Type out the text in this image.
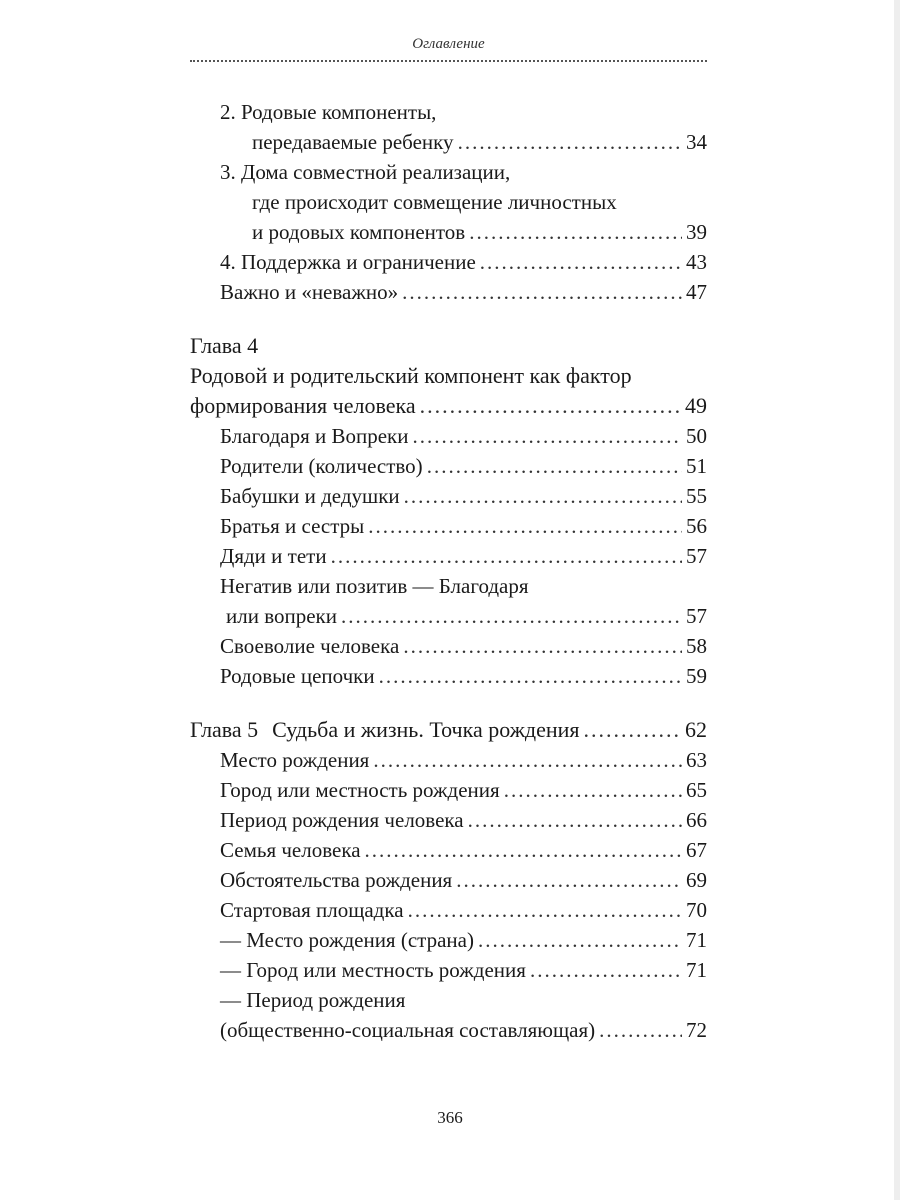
Оглавление
2. Родовые компоненты,
передаваемые ребенку .....	34
3. Дома совместной реализации,
где происходит совмещение личностных
и родовых компонентов .....	39
4. Поддержка и ограничение .....	43
Важно и «неважно» .....	47
Глава 4
Родовой и родительский компонент как фактор
формирования человека .....	49
Благодаря и Вопреки .....	50
Родители (количество) .....	51
Бабушки и дедушки .....	55
Братья и сестры .....	56
Дяди и тети .....	57
Негатив или позитив — Благодаря
или вопреки .....	57
Своеволие человека .....	58
Родовые цепочки .....	59
Глава 5 Судьба и жизнь. Точка рождения .....	62
Место рождения .....	63
Город или местность рождения .....	65
Период рождения человека .....	66
Семья человека .....	67
Обстоятельства рождения .....	69
Стартовая площадка .....	70
— Место рождения (страна) .....	71
— Город или местность рождения .....	71
— Период рождения
(общественно-социальная составляющая) .....	72
366
